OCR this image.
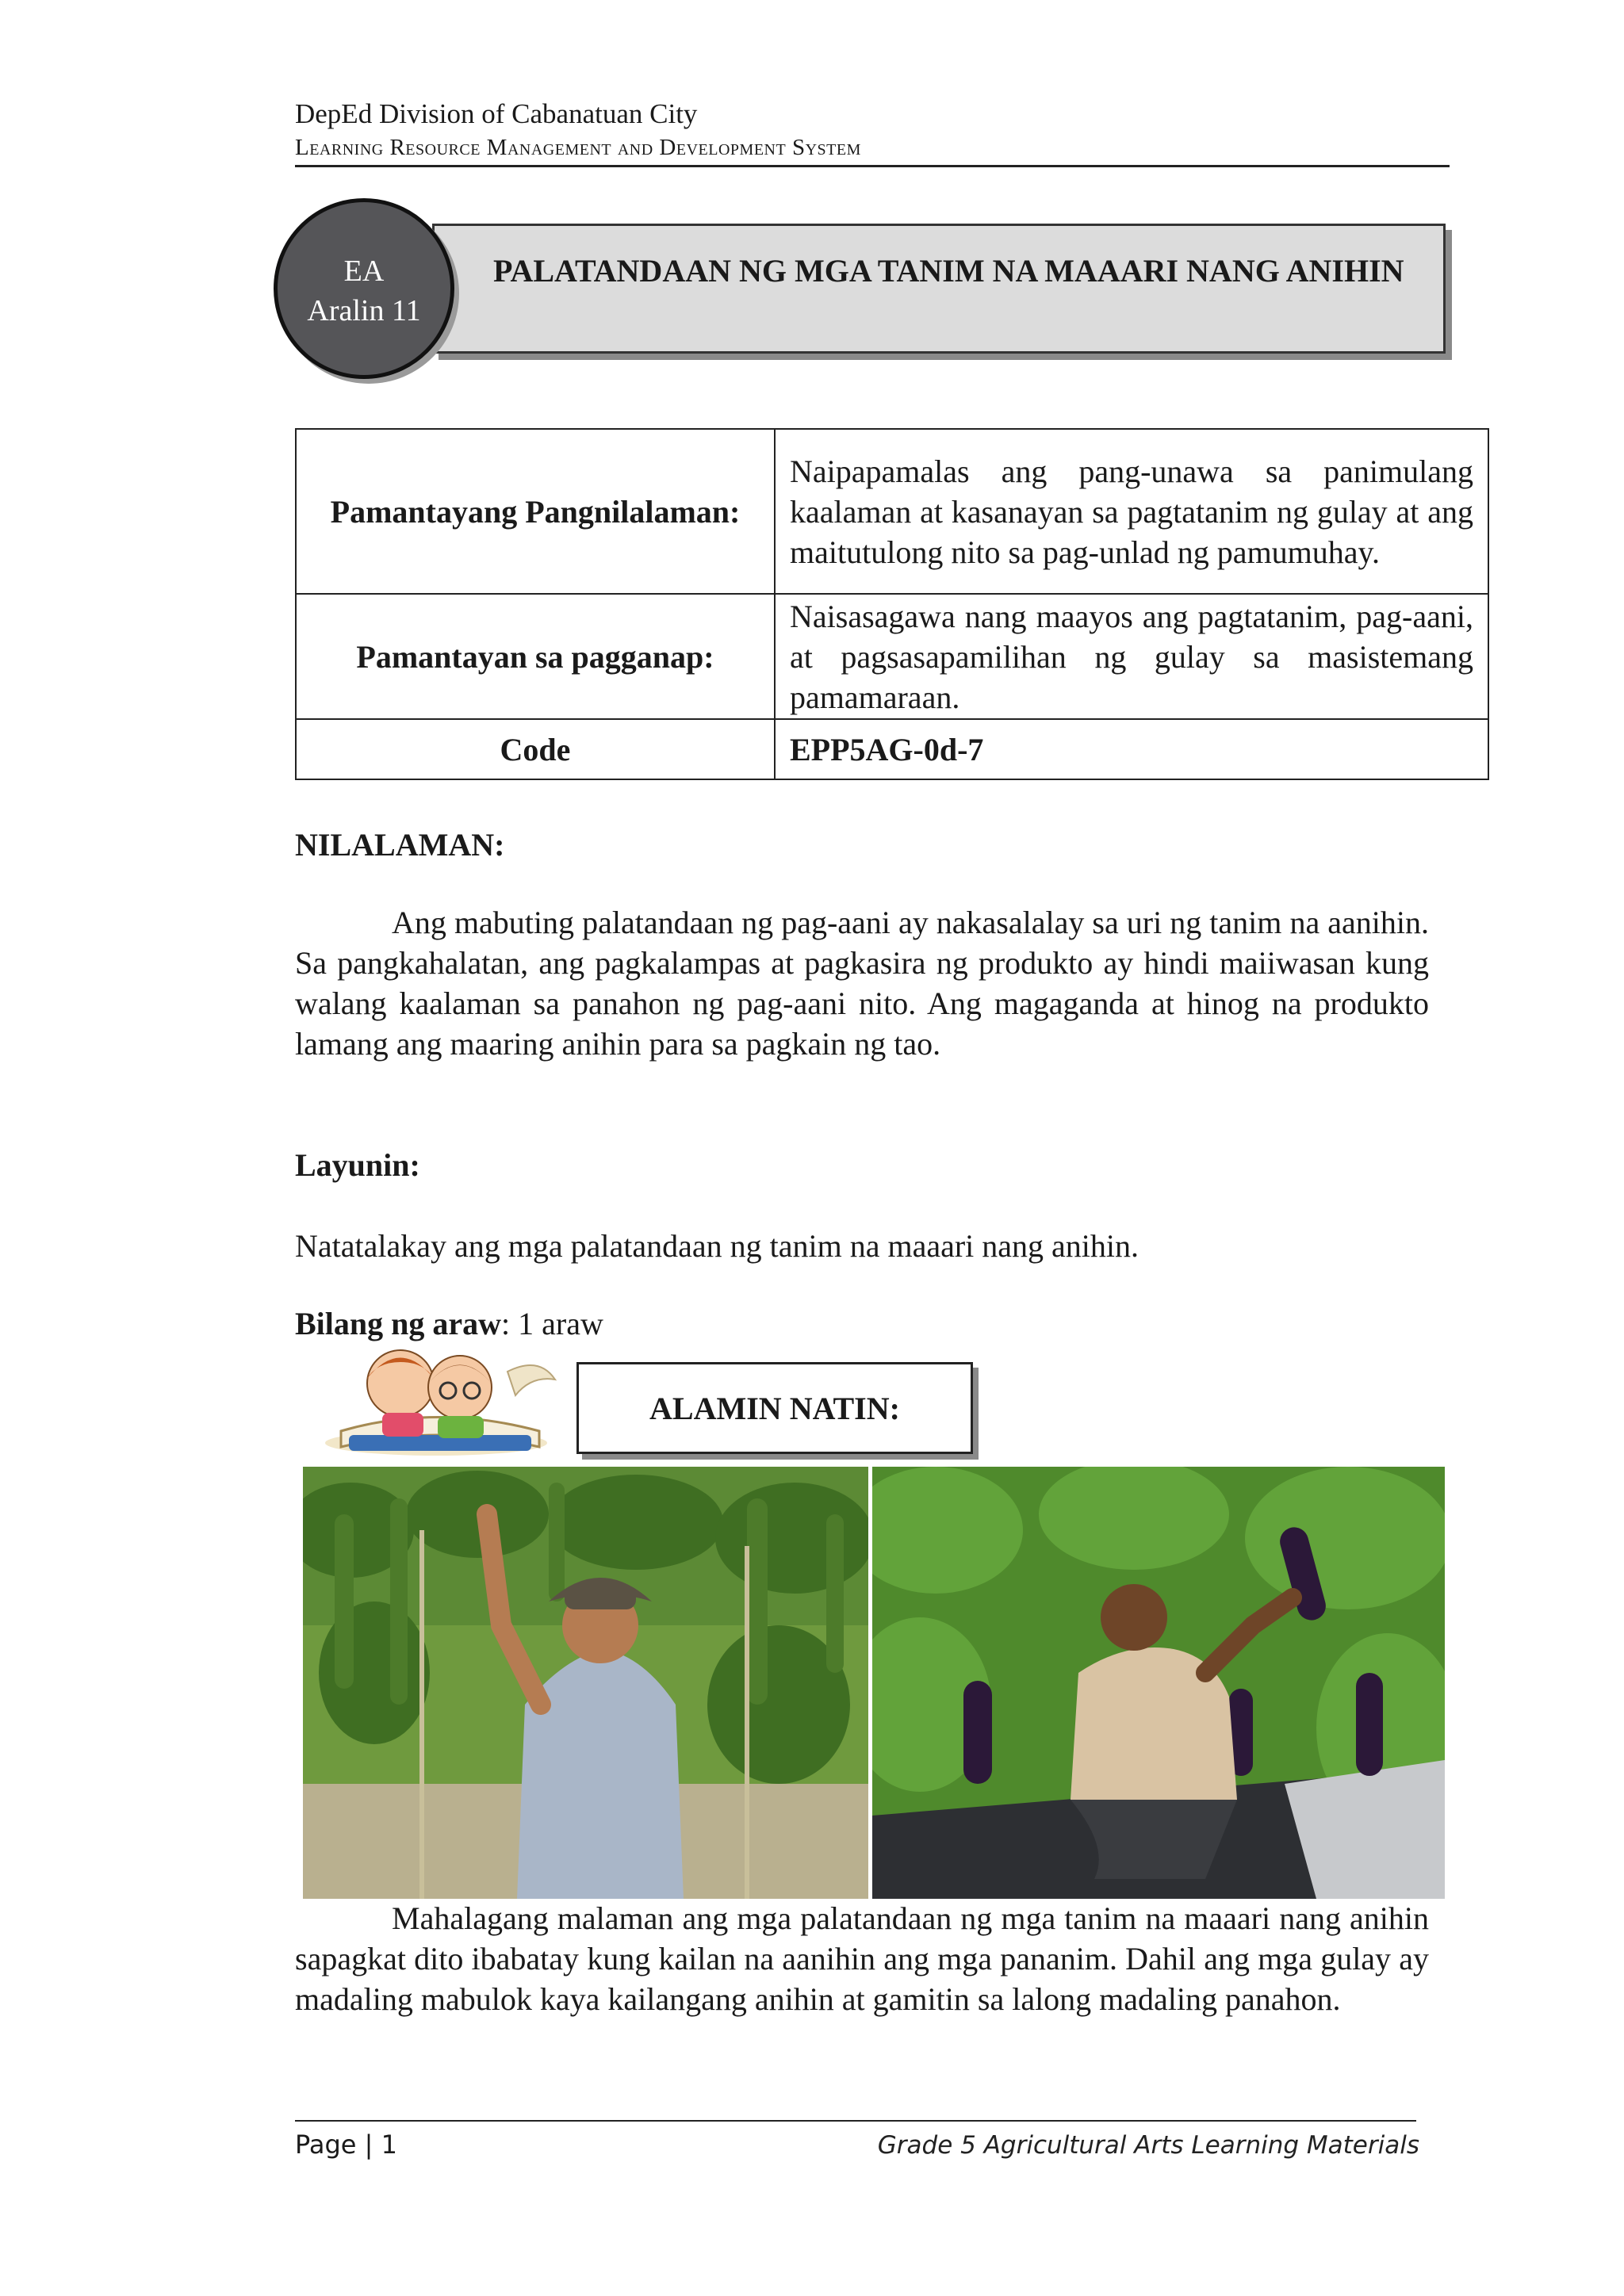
DepEd Division of Cabanatuan City
Learning Resource Management and Development System
PALATANDAAN NG MGA TANIM NA MAAARI NANG ANIHIN
EA
Aralin 11
Pamantayang Pangnilalaman:	Naipapamalas ang pang-unawa sa panimulang kaalaman at kasanayan sa pagtatanim ng gulay at ang maitutulong nito sa pag-unlad ng pamumuhay.
Pamantayan sa pagganap:	Naisasagawa nang maayos ang pagtatanim, pag-aani, at pagsasapamilihan ng gulay sa masistemang pamamaraan.
Code	EPP5AG-0d-7
NILALAMAN:
Ang mabuting palatandaan ng pag-aani ay nakasalalay sa uri ng tanim na aanihin. Sa pangkahalatan, ang pagkalampas at pagkasira ng produkto ay hindi maiiwasan kung walang kaalaman sa panahon ng pag-aani nito. Ang magaganda at hinog na produkto lamang ang maaring anihin para sa pagkain ng tao.
Layunin:
Natatalakay ang mga palatandaan ng tanim na maaari nang anihin.
Bilang ng araw: 1 araw
ALAMIN NATIN:
Mahalagang malaman ang mga palatandaan ng mga tanim na maaari nang anihin sapagkat dito ibabatay kung kailan na aanihin ang mga pananim. Dahil ang mga gulay ay madaling mabulok kaya kailangang anihin at gamitin sa lalong madaling panahon.
Page | 1	Grade 5 Agricultural Arts Learning Materials
